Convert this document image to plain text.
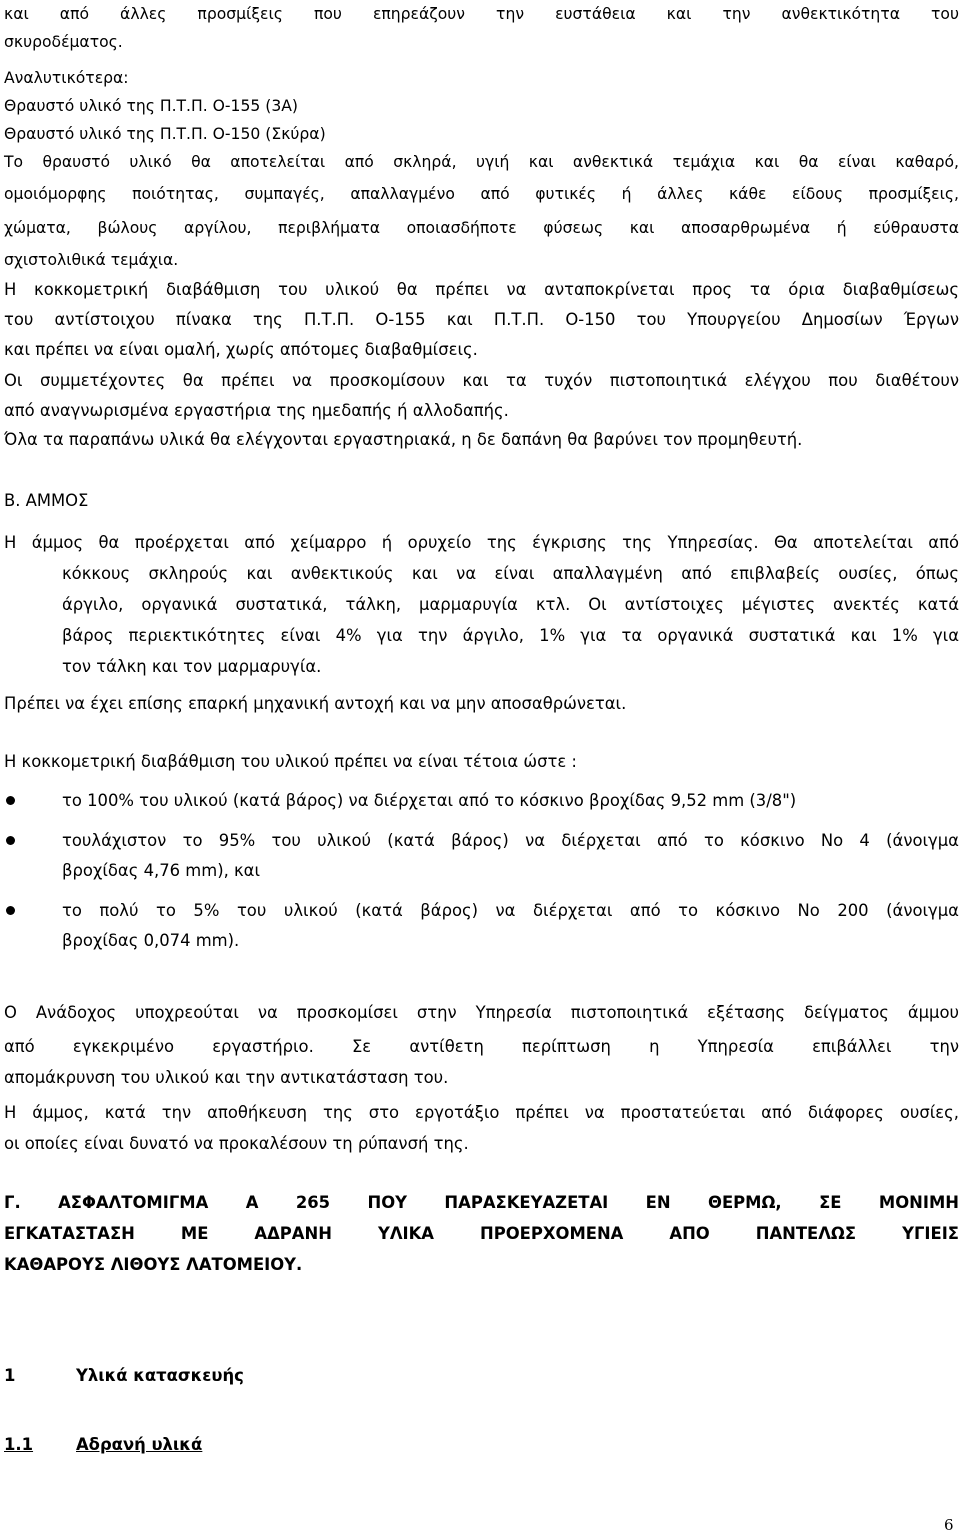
και από άλλες προσμίξεις που επηρεάζουν την ευστάθεια και την ανθεκτικότητα του
σκυροδέματος.
Αναλυτικότερα:
Θραυστό υλικό της Π.Τ.Π. Ο-155 (3Α)
Θραυστό υλικό της Π.Τ.Π. Ο-150 (Σκύρα)
Το θραυστό υλικό θα αποτελείται από σκληρά, υγιή και ανθεκτικά τεμάχια και θα είναι καθαρό,
ομοιόμορφης ποιότητας, συμπαγές, απαλλαγμένο από φυτικές ή άλλες κάθε είδους προσμίξεις,
χώματα, βώλους αργίλου, περιβλήματα οποιασδήποτε φύσεως και αποσαρθρωμένα ή εύθραυστα
σχιστολιθικά τεμάχια.
Η κοκκομετρική διαβάθμιση του υλικού θα πρέπει να ανταποκρίνεται προς τα όρια διαβαθμίσεως
του αντίστοιχου πίνακα της Π.Τ.Π. Ο-155 και Π.Τ.Π. Ο-150 του Υπουργείου Δημοσίων Έργων
και πρέπει να είναι ομαλή, χωρίς απότομες διαβαθμίσεις.
Οι συμμετέχοντες θα πρέπει να προσκομίσουν και τα τυχόν πιστοποιητικά ελέγχου που διαθέτουν
από αναγνωρισμένα εργαστήρια της ημεδαπής ή αλλοδαπής.
Όλα τα παραπάνω υλικά θα ελέγχονται εργαστηριακά, η δε δαπάνη θα βαρύνει τον προμηθευτή.
Β. ΑΜΜΟΣ
Η άμμος θα προέρχεται από χείμαρρο ή ορυχείο της έγκρισης της Υπηρεσίας. Θα αποτελείται από
κόκκους σκληρούς και ανθεκτικούς και να είναι απαλλαγμένη από επιβλαβείς ουσίες, όπως
άργιλο, οργανικά συστατικά, τάλκη, μαρμαρυγία κτλ. Οι αντίστοιχες μέγιστες ανεκτές κατά
βάρος περιεκτικότητες είναι 4% για την άργιλο, 1% για τα οργανικά συστατικά και 1% για
τον τάλκη και τον μαρμαρυγία.
Πρέπει να έχει επίσης επαρκή μηχανική αντοχή και να μην αποσαθρώνεται.
Η κοκκομετρική διαβάθμιση του υλικού πρέπει να είναι τέτοια ώστε :
το 100% του υλικού (κατά βάρος) να διέρχεται από το κόσκινο βροχίδας 9,52 mm (3/8")
τουλάχιστον το 95% του υλικού (κατά βάρος) να διέρχεται από το κόσκινο Νο 4 (άνοιγμα
βροχίδας 4,76 mm), και
το πολύ το 5% του υλικού (κατά βάρος) να διέρχεται από το κόσκινο Νο 200 (άνοιγμα
βροχίδας 0,074 mm).
Ο Ανάδοχος υποχρεούται να προσκομίσει στην Υπηρεσία πιστοποιητικά εξέτασης δείγματος άμμου
από εγκεκριμένο εργαστήριο. Σε αντίθετη περίπτωση η Υπηρεσία επιβάλλει την
απομάκρυνση του υλικού και την αντικατάσταση του.
Η άμμος, κατά την αποθήκευση της στο εργοτάξιο πρέπει να προστατεύεται από διάφορες ουσίες,
οι οποίες είναι δυνατό να προκαλέσουν τη ρύπανσή της.
Γ. ΑΣΦΑΛΤΟΜΙΓΜΑ Α 265 ΠΟΥ ΠΑΡΑΣΚΕΥΑΖΕΤΑΙ ΕΝ ΘΕΡΜΩ, ΣΕ ΜΟΝΙΜΗ
ΕΓΚΑΤΑΣΤΑΣΗ ΜΕ ΑΔΡΑΝΗ ΥΛΙΚΑ ΠΡΟΕΡΧΟΜΕΝΑ ΑΠΟ ΠΑΝΤΕΛΩΣ ΥΓΙΕΙΣ
ΚΑΘΑΡΟΥΣ ΛΙΘΟΥΣ ΛΑΤΟΜΕΙΟΥ.
1	Υλικά κατασκευής
1.1	Αδρανή υλικά
6
